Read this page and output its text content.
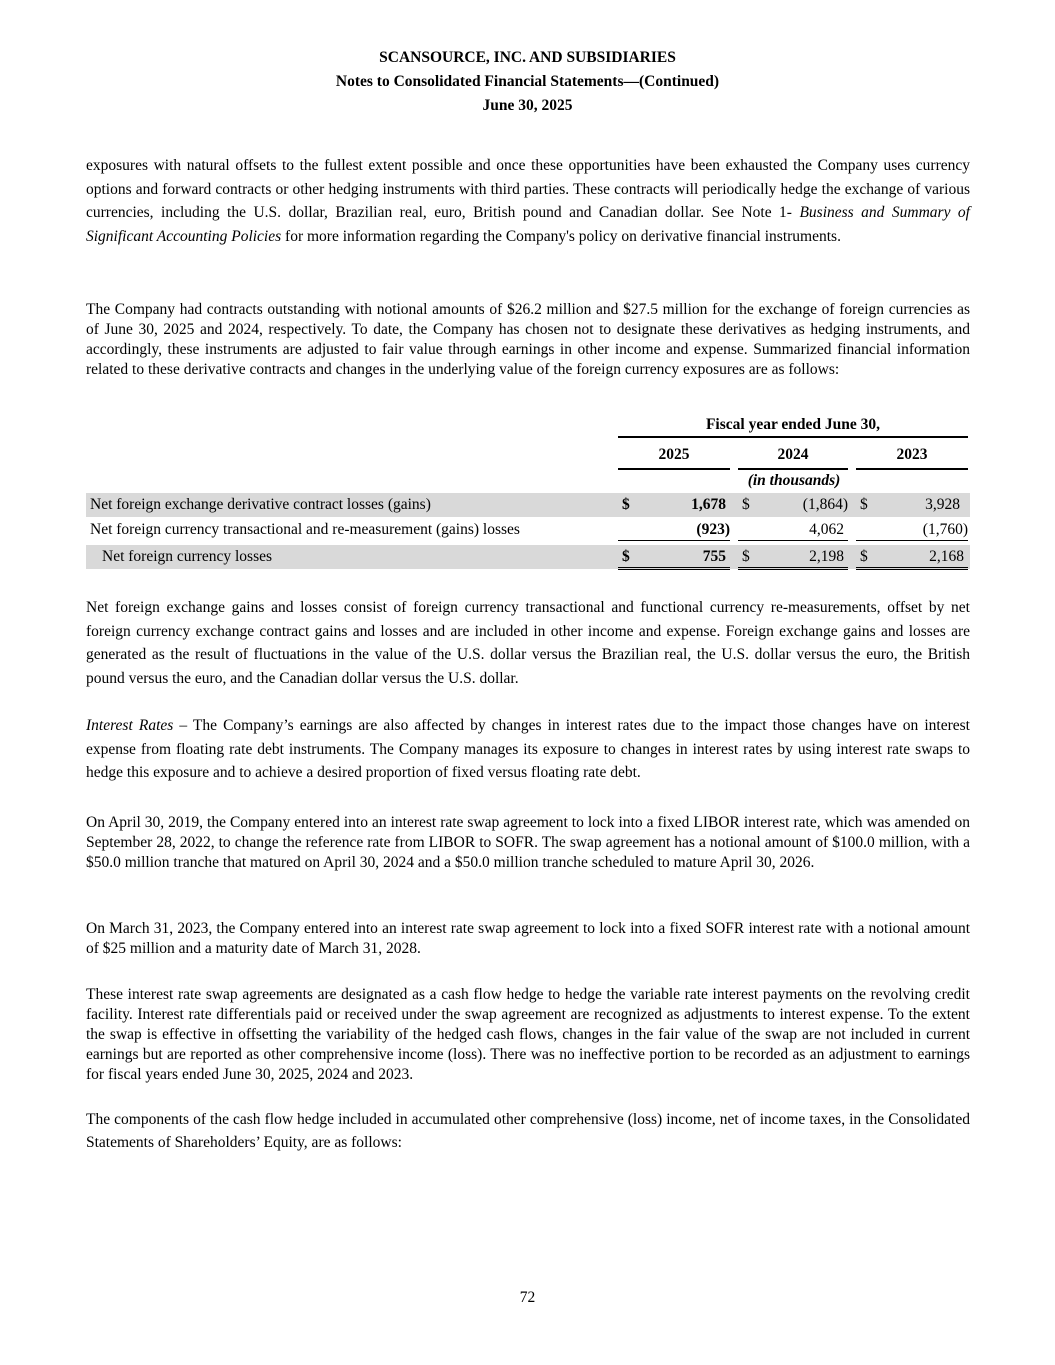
SCANSOURCE, INC. AND SUBSIDIARIES
Notes to Consolidated Financial Statements—(Continued)
June 30, 2025
exposures with natural offsets to the fullest extent possible and once these opportunities have been exhausted the Company uses currency options and forward contracts or other hedging instruments with third parties. These contracts will periodically hedge the exchange of various currencies, including the U.S. dollar, Brazilian real, euro, British pound and Canadian dollar. See Note 1- Business and Summary of Significant Accounting Policies for more information regarding the Company's policy on derivative financial instruments.
The Company had contracts outstanding with notional amounts of $26.2 million and $27.5 million for the exchange of foreign currencies as of June 30, 2025 and 2024, respectively. To date, the Company has chosen not to designate these derivatives as hedging instruments, and accordingly, these instruments are adjusted to fair value through earnings in other income and expense. Summarized financial information related to these derivative contracts and changes in the underlying value of the foreign currency exposures are as follows:
Fiscal year ended June 30,
2025	2024	2023
(in thousands)
Net foreign exchange derivative contract losses (gains)	$	1,678 $	(1,864) $	3,928
Net foreign currency transactional and re-measurement (gains) losses	(923)	4,062	(1,760)
Net foreign currency losses	$	755 $	2,198 $	2,168
Net foreign exchange gains and losses consist of foreign currency transactional and functional currency re-measurements, offset by net foreign currency exchange contract gains and losses and are included in other income and expense. Foreign exchange gains and losses are generated as the result of fluctuations in the value of the U.S. dollar versus the Brazilian real, the U.S. dollar versus the euro, the British pound versus the euro, and the Canadian dollar versus the U.S. dollar.
Interest Rates – The Company’s earnings are also affected by changes in interest rates due to the impact those changes have on interest expense from floating rate debt instruments. The Company manages its exposure to changes in interest rates by using interest rate swaps to hedge this exposure and to achieve a desired proportion of fixed versus floating rate debt.
On April 30, 2019, the Company entered into an interest rate swap agreement to lock into a fixed LIBOR interest rate, which was amended on September 28, 2022, to change the reference rate from LIBOR to SOFR. The swap agreement has a notional amount of $100.0 million, with a $50.0 million tranche that matured on April 30, 2024 and a $50.0 million tranche scheduled to mature April 30, 2026.
On March 31, 2023, the Company entered into an interest rate swap agreement to lock into a fixed SOFR interest rate with a notional amount of $25 million and a maturity date of March 31, 2028.
These interest rate swap agreements are designated as a cash flow hedge to hedge the variable rate interest payments on the revolving credit facility. Interest rate differentials paid or received under the swap agreement are recognized as adjustments to interest expense. To the extent the swap is effective in offsetting the variability of the hedged cash flows, changes in the fair value of the swap are not included in current earnings but are reported as other comprehensive income (loss). There was no ineffective portion to be recorded as an adjustment to earnings for fiscal years ended June 30, 2025, 2024 and 2023.
The components of the cash flow hedge included in accumulated other comprehensive (loss) income, net of income taxes, in the Consolidated Statements of Shareholders’ Equity, are as follows:
72
